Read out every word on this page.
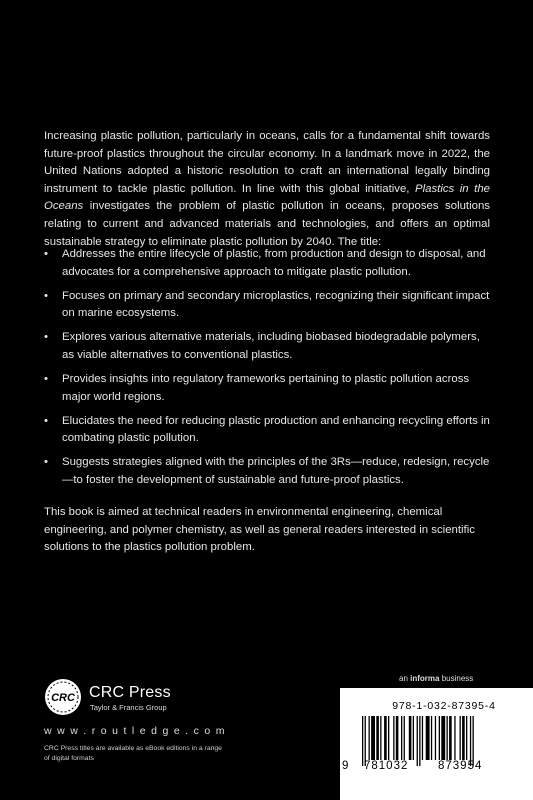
Increasing plastic pollution, particularly in oceans, calls for a fundamental shift towards future-proof plastics throughout the circular economy. In a landmark move in 2022, the United Nations adopted a historic resolution to craft an international legally binding instrument to tackle plastic pollution. In line with this global initiative, Plastics in the Oceans investigates the problem of plastic pollution in oceans, proposes solutions relating to current and advanced materials and technologies, and offers an optimal sustainable strategy to eliminate plastic pollution by 2040. The title:

• Addresses the entire lifecycle of plastic, from production and design to disposal, and advocates for a comprehensive approach to mitigate plastic pollution.
• Focuses on primary and secondary microplastics, recognizing their significant impact on marine ecosystems.
• Explores various alternative materials, including biobased biodegradable polymers, as viable alternatives to conventional plastics.
• Provides insights into regulatory frameworks pertaining to plastic pollution across major world regions.
• Elucidates the need for reducing plastic production and enhancing recycling efforts in combating plastic pollution.
• Suggests strategies aligned with the principles of the 3Rs—reduce, redesign, recycle—to foster the development of sustainable and future-proof plastics.

This book is aimed at technical readers in environmental engineering, chemical engineering, and polymer chemistry, as well as general readers interested in scientific solutions to the plastics pollution problem.

CRC CRC Press
Taylor & Francis Group
w w w . r o u t l e d g e . c o m
CRC Press titles are available as eBook editions in a range of digital formats
an informa business
978-1-032-87395-4
9 781032	873954
